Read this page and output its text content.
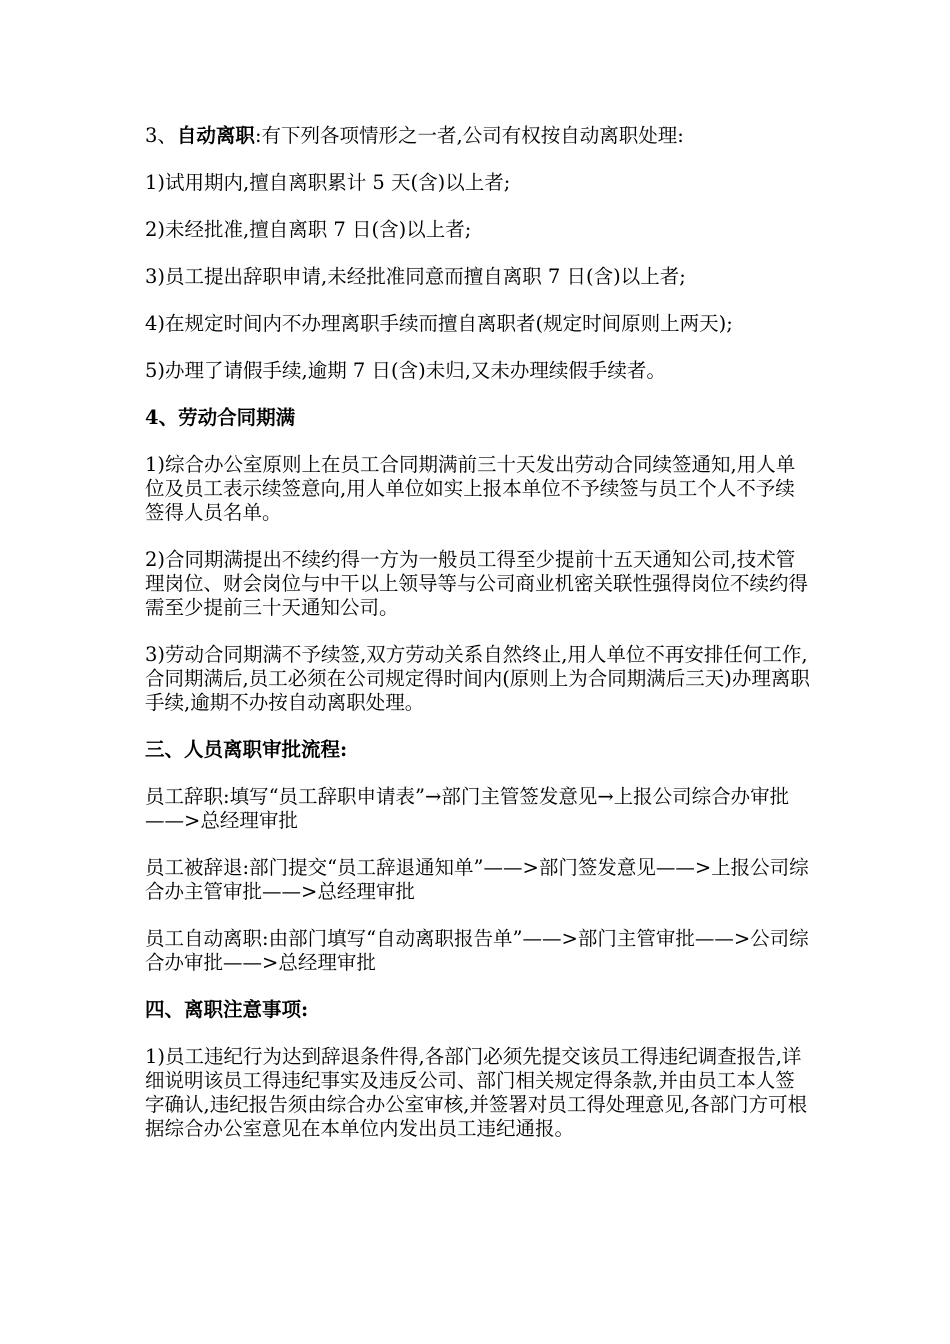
3、自动离职:有下列各项情形之一者,公司有权按自动离职处理:

1)试用期内,擅自离职累计 5 天(含)以上者;

2)未经批准,擅自离职 7 日(含)以上者;

3)员工提出辞职申请,未经批准同意而擅自离职 7 日(含)以上者;

4)在规定时间内不办理离职手续而擅自离职者(规定时间原则上两天);

5)办理了请假手续,逾期 7 日(含)未归,又未办理续假手续者。

4、劳动合同期满

1)综合办公室原则上在员工合同期满前三十天发出劳动合同续签通知,用人单位及员工表示续签意向,用人单位如实上报本单位不予续签与员工个人不予续签得人员名单。

2)合同期满提出不续约得一方为一般员工得至少提前十五天通知公司,技术管理岗位、财会岗位与中干以上领导等与公司商业机密关联性强得岗位不续约得需至少提前三十天通知公司。

3)劳动合同期满不予续签,双方劳动关系自然终止,用人单位不再安排任何工作,合同期满后,员工必须在公司规定得时间内(原则上为合同期满后三天)办理离职手续,逾期不办按自动离职处理。

三、人员离职审批流程:

员工辞职:填写“员工辞职申请表”→部门主管签发意见→上报公司综合办审批——>总经理审批

员工被辞退:部门提交“员工辞退通知单”——>部门签发意见——>上报公司综合办主管审批——>总经理审批

员工自动离职:由部门填写“自动离职报告单”——>部门主管审批——>公司综合办审批——>总经理审批

四、离职注意事项:

1)员工违纪行为达到辞退条件得,各部门必须先提交该员工得违纪调查报告,详细说明该员工得违纪事实及违反公司、部门相关规定得条款,并由员工本人签字确认,违纪报告须由综合办公室审核,并签署对员工得处理意见,各部门方可根据综合办公室意见在本单位内发出员工违纪通报。
